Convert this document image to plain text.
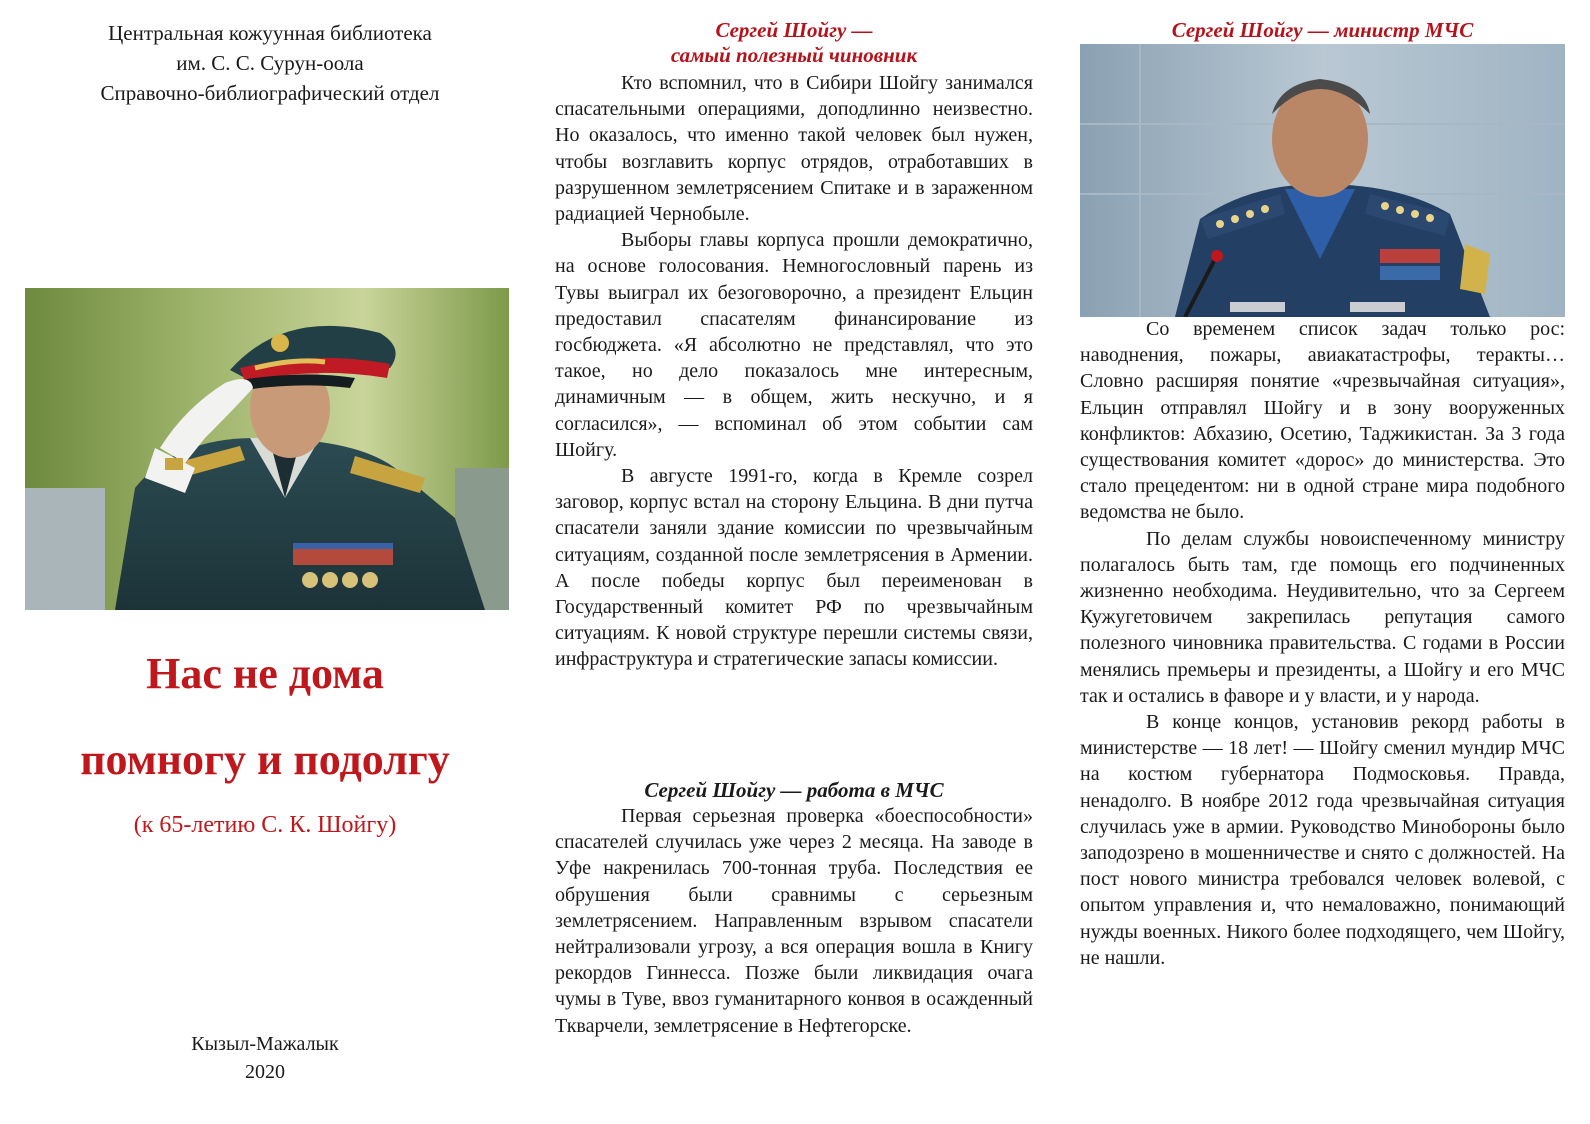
Центральная кожуунная библиотека
им. С. С. Сурун-оола
Справочно-библиографический отдел
Нас не дома
помногу и подолгу
(к 65-летию С. К. Шойгу)
Кызыл-Мажалык
2020
Сергей Шойгу —
самый полезный чиновник

Кто вспомнил, что в Сибири Шойгу занимался спасательными операциями, доподлинно неизвестно. Но оказалось, что именно такой человек был нужен, чтобы возглавить корпус отрядов, отработавших в разрушенном землетрясением Спитаке и в зараженном радиацией Чернобыле.

Выборы главы корпуса прошли демократично, на основе голосования. Немногословный парень из Тувы выиграл их безоговорочно, а президент Ельцин предоставил спасателям финансирование из госбюджета. «Я абсолютно не представлял, что это такое, но дело показалось мне интересным, динамичным — в общем, жить нескучно, и я согласился», — вспоминал об этом событии сам Шойгу.

В августе 1991-го, когда в Кремле созрел заговор, корпус встал на сторону Ельцина. В дни путча спасатели заняли здание комиссии по чрезвычайным ситуациям, созданной после землетрясения в Армении. А после победы корпус был переименован в Государственный комитет РФ по чрезвычайным ситуациям. К новой структуре перешли системы связи, инфраструктура и стратегические запасы комиссии.

Сергей Шойгу — работа в МЧС

Первая серьезная проверка «боеспособности» спасателей случилась уже через 2 месяца. На заводе в Уфе накренилась 700-тонная труба. Последствия ее обрушения были сравнимы с серьезным землетрясением. Направленным взрывом спасатели нейтрализовали угрозу, а вся операция вошла в Книгу рекордов Гиннесса. Позже были ликвидация очага чумы в Туве, ввоз гуманитарного конвоя в осажденный Ткварчели, землетрясение в Нефтегорске.

Сергей Шойгу — министр МЧС

Со временем список задач только рос: наводнения, пожары, авиакатастрофы, теракты… Словно расширяя понятие «чрезвычайная ситуация», Ельцин отправлял Шойгу и в зону вооруженных конфликтов: Абхазию, Осетию, Таджикистан. За 3 года существования комитет «дорос» до министерства. Это стало прецедентом: ни в одной стране мира подобного ведомства не было.

По делам службы новоиспеченному министру полагалось быть там, где помощь его подчиненных жизненно необходима. Неудивительно, что за Сергеем Кужугетовичем закрепилась репутация самого полезного чиновника правительства. С годами в России менялись премьеры и президенты, а Шойгу и его МЧС так и остались в фаворе и у власти, и у народа.

В конце концов, установив рекорд работы в министерстве — 18 лет! — Шойгу сменил мундир МЧС на костюм губернатора Подмосковья. Правда, ненадолго. В ноябре 2012 года чрезвычайная ситуация случилась уже в армии. Руководство Минобороны было заподозрено в мошенничестве и снято с должностей. На пост нового министра требовался человек волевой, с опытом управления и, что немаловажно, понимающий нужды военных. Никого более подходящего, чем Шойгу, не нашли.
